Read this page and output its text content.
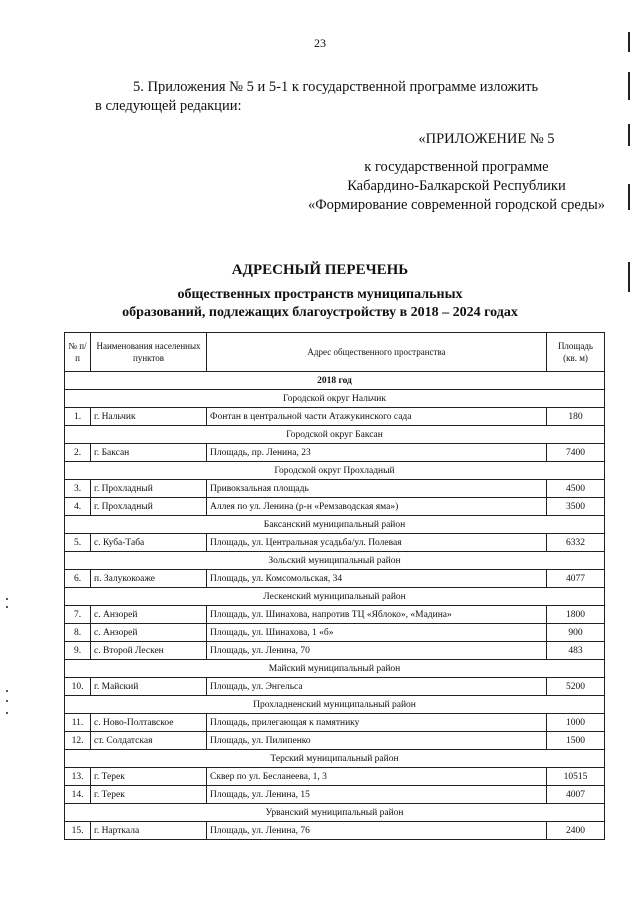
23
5. Приложения № 5 и 5-1 к государственной программе изложить
в следующей редакции:
«ПРИЛОЖЕНИЕ № 5
к государственной программе
Кабардино-Балкарской Республики
«Формирование современной городской среды»
АДРЕСНЫЙ ПЕРЕЧЕНЬ
общественных пространств муниципальных
образований, подлежащих благоустройству в 2018 – 2024 годах
№ п/п	Наименования населенных пунктов	Адрес общественного пространства	Площадь (кв. м)
2018 год			
Городской округ Нальчик			
1.	г. Нальчик	Фонтан в центральной части Атажукинского сада	180
Городской округ Баксан			
2.	г. Баксан	Площадь, пр. Ленина, 23	7400
Городской округ Прохладный			
3.	г. Прохладный	Привокзальная площадь	4500
4.	г. Прохладный	Аллея по ул. Ленина (р-н «Ремзаводская яма»)	3500
Баксанский муниципальный район			
5.	с. Куба-Таба	Площадь, ул. Центральная усадьба/ул. Полевая	6332
Зольский муниципальный район			
6.	п. Залукокоаже	Площадь, ул. Комсомольская, 34	4077
Лескенский муниципальный район			
7.	с. Анзорей	Площадь, ул. Шинахова, напротив ТЦ «Яблоко», «Мадина»	1800
8.	с. Анзорей	Площадь, ул. Шинахова, 1 «б»	900
9.	с. Второй Лескен	Площадь, ул. Ленина, 70	483
Майский муниципальный район			
10.	г. Майский	Площадь, ул. Энгельса	5200
Прохладненский муниципальный район			
11.	с. Ново-Полтавское	Площадь, прилегающая к памятнику	1000
12.	ст. Солдатская	Площадь, ул. Пилипенко	1500
Терский муниципальный район			
13.	г. Терек	Сквер по ул. Бесланеева, 1, 3	10515
14.	г. Терек	Площадь, ул. Ленина, 15	4007
Урванский муниципальный район			
15.	г. Нарткала	Площадь, ул. Ленина, 76	2400
